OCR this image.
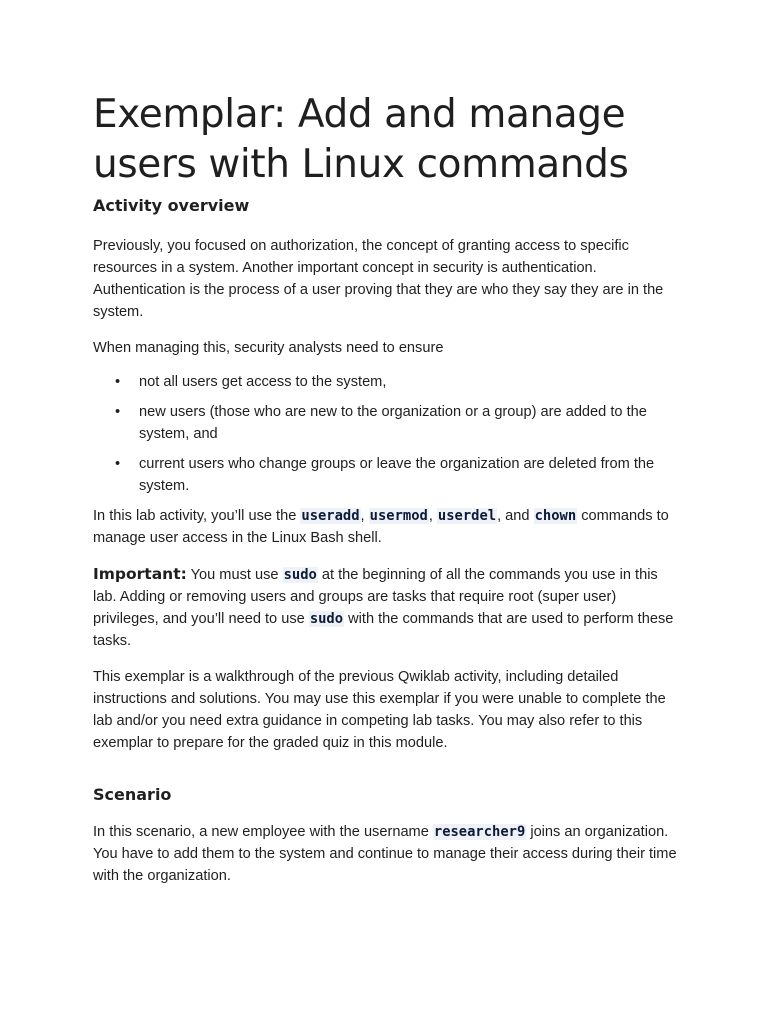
Exemplar: Add and manage users with Linux commands
Activity overview

Previously, you focused on authorization, the concept of granting access to specific resources in a system. Another important concept in security is authentication. Authentication is the process of a user proving that they are who they say they are in the system.

When managing this, security analysts need to ensure

• not all users get access to the system,
• new users (those who are new to the organization or a group) are added to the system, and
• current users who change groups or leave the organization are deleted from the system.

In this lab activity, you’ll use the useradd, usermod, userdel, and chown commands to manage user access in the Linux Bash shell.

Important: You must use sudo at the beginning of all the commands you use in this lab. Adding or removing users and groups are tasks that require root (super user) privileges, and you’ll need to use sudo with the commands that are used to perform these tasks.

This exemplar is a walkthrough of the previous Qwiklab activity, including detailed instructions and solutions. You may use this exemplar if you were unable to complete the lab and/or you need extra guidance in competing lab tasks. You may also refer to this exemplar to prepare for the graded quiz in this module.

Scenario

In this scenario, a new employee with the username researcher9 joins an organization. You have to add them to the system and continue to manage their access during their time with the organization.
